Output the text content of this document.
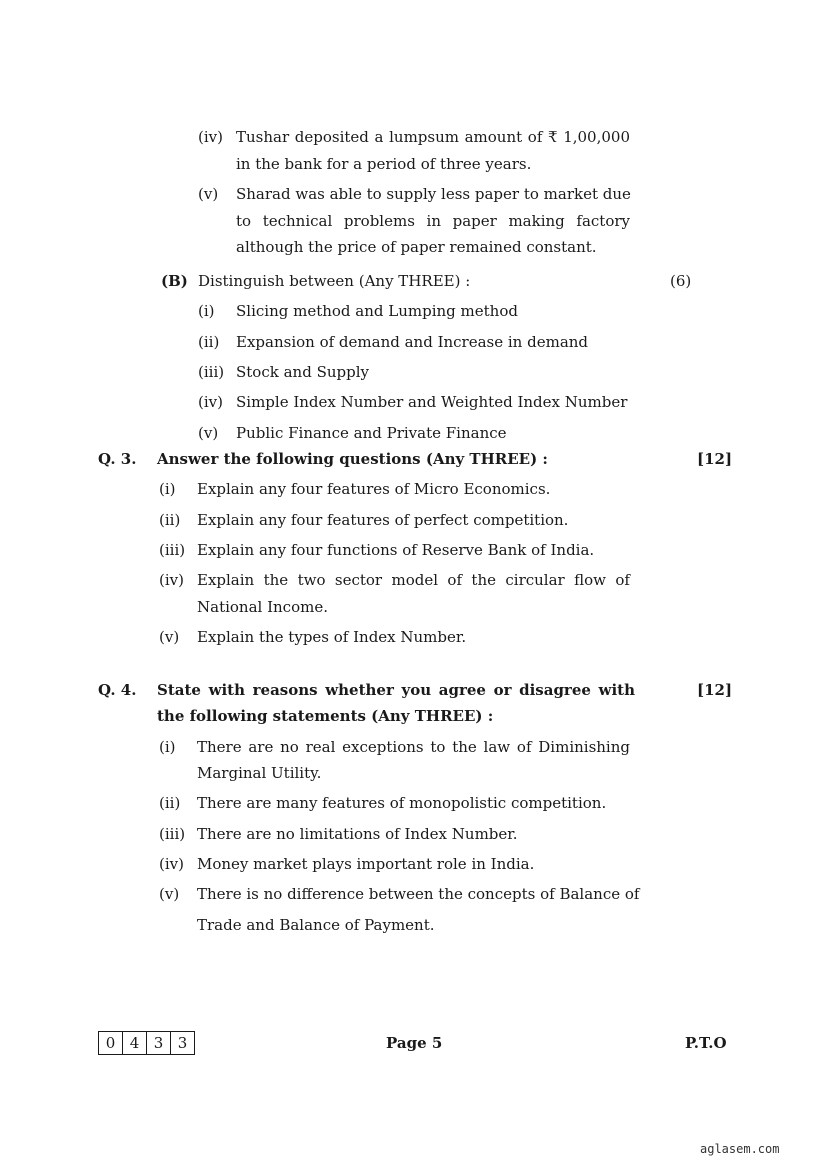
(iv) Tushar deposited a lumpsum amount of ₹ 1,00,000
in the bank for a period of three years.
(v) Sharad was able to supply less paper to market due
to technical problems in paper making factory
although the price of paper remained constant.
(B) Distinguish between (Any THREE) :	(6)
(i) Slicing method and Lumping method
(ii) Expansion of demand and Increase in demand
(iii) Stock and Supply
(iv) Simple Index Number and Weighted Index Number
(v) Public Finance and Private Finance
Q. 3. Answer the following questions (Any THREE) :	[12]
(i) Explain any four features of Micro Economics.
(ii) Explain any four features of perfect competition.
(iii) Explain any four functions of Reserve Bank of India.
(iv) Explain the two sector model of the circular flow of
National Income.
(v) Explain the types of Index Number.
Q. 4. State with reasons whether you agree or disagree with
the following statements (Any THREE) :
[12]
(i) There are no real exceptions to the law of Diminishing
Marginal Utility.
(ii) There are many features of monopolistic competition.
(iii) There are no limitations of Index Number.
(iv) Money market plays important role in India.
(v) There is no difference between the concepts of Balance of
Trade and Balance of Payment.
0 4 3 3	Page 5	P.T.O
aglasem.com
